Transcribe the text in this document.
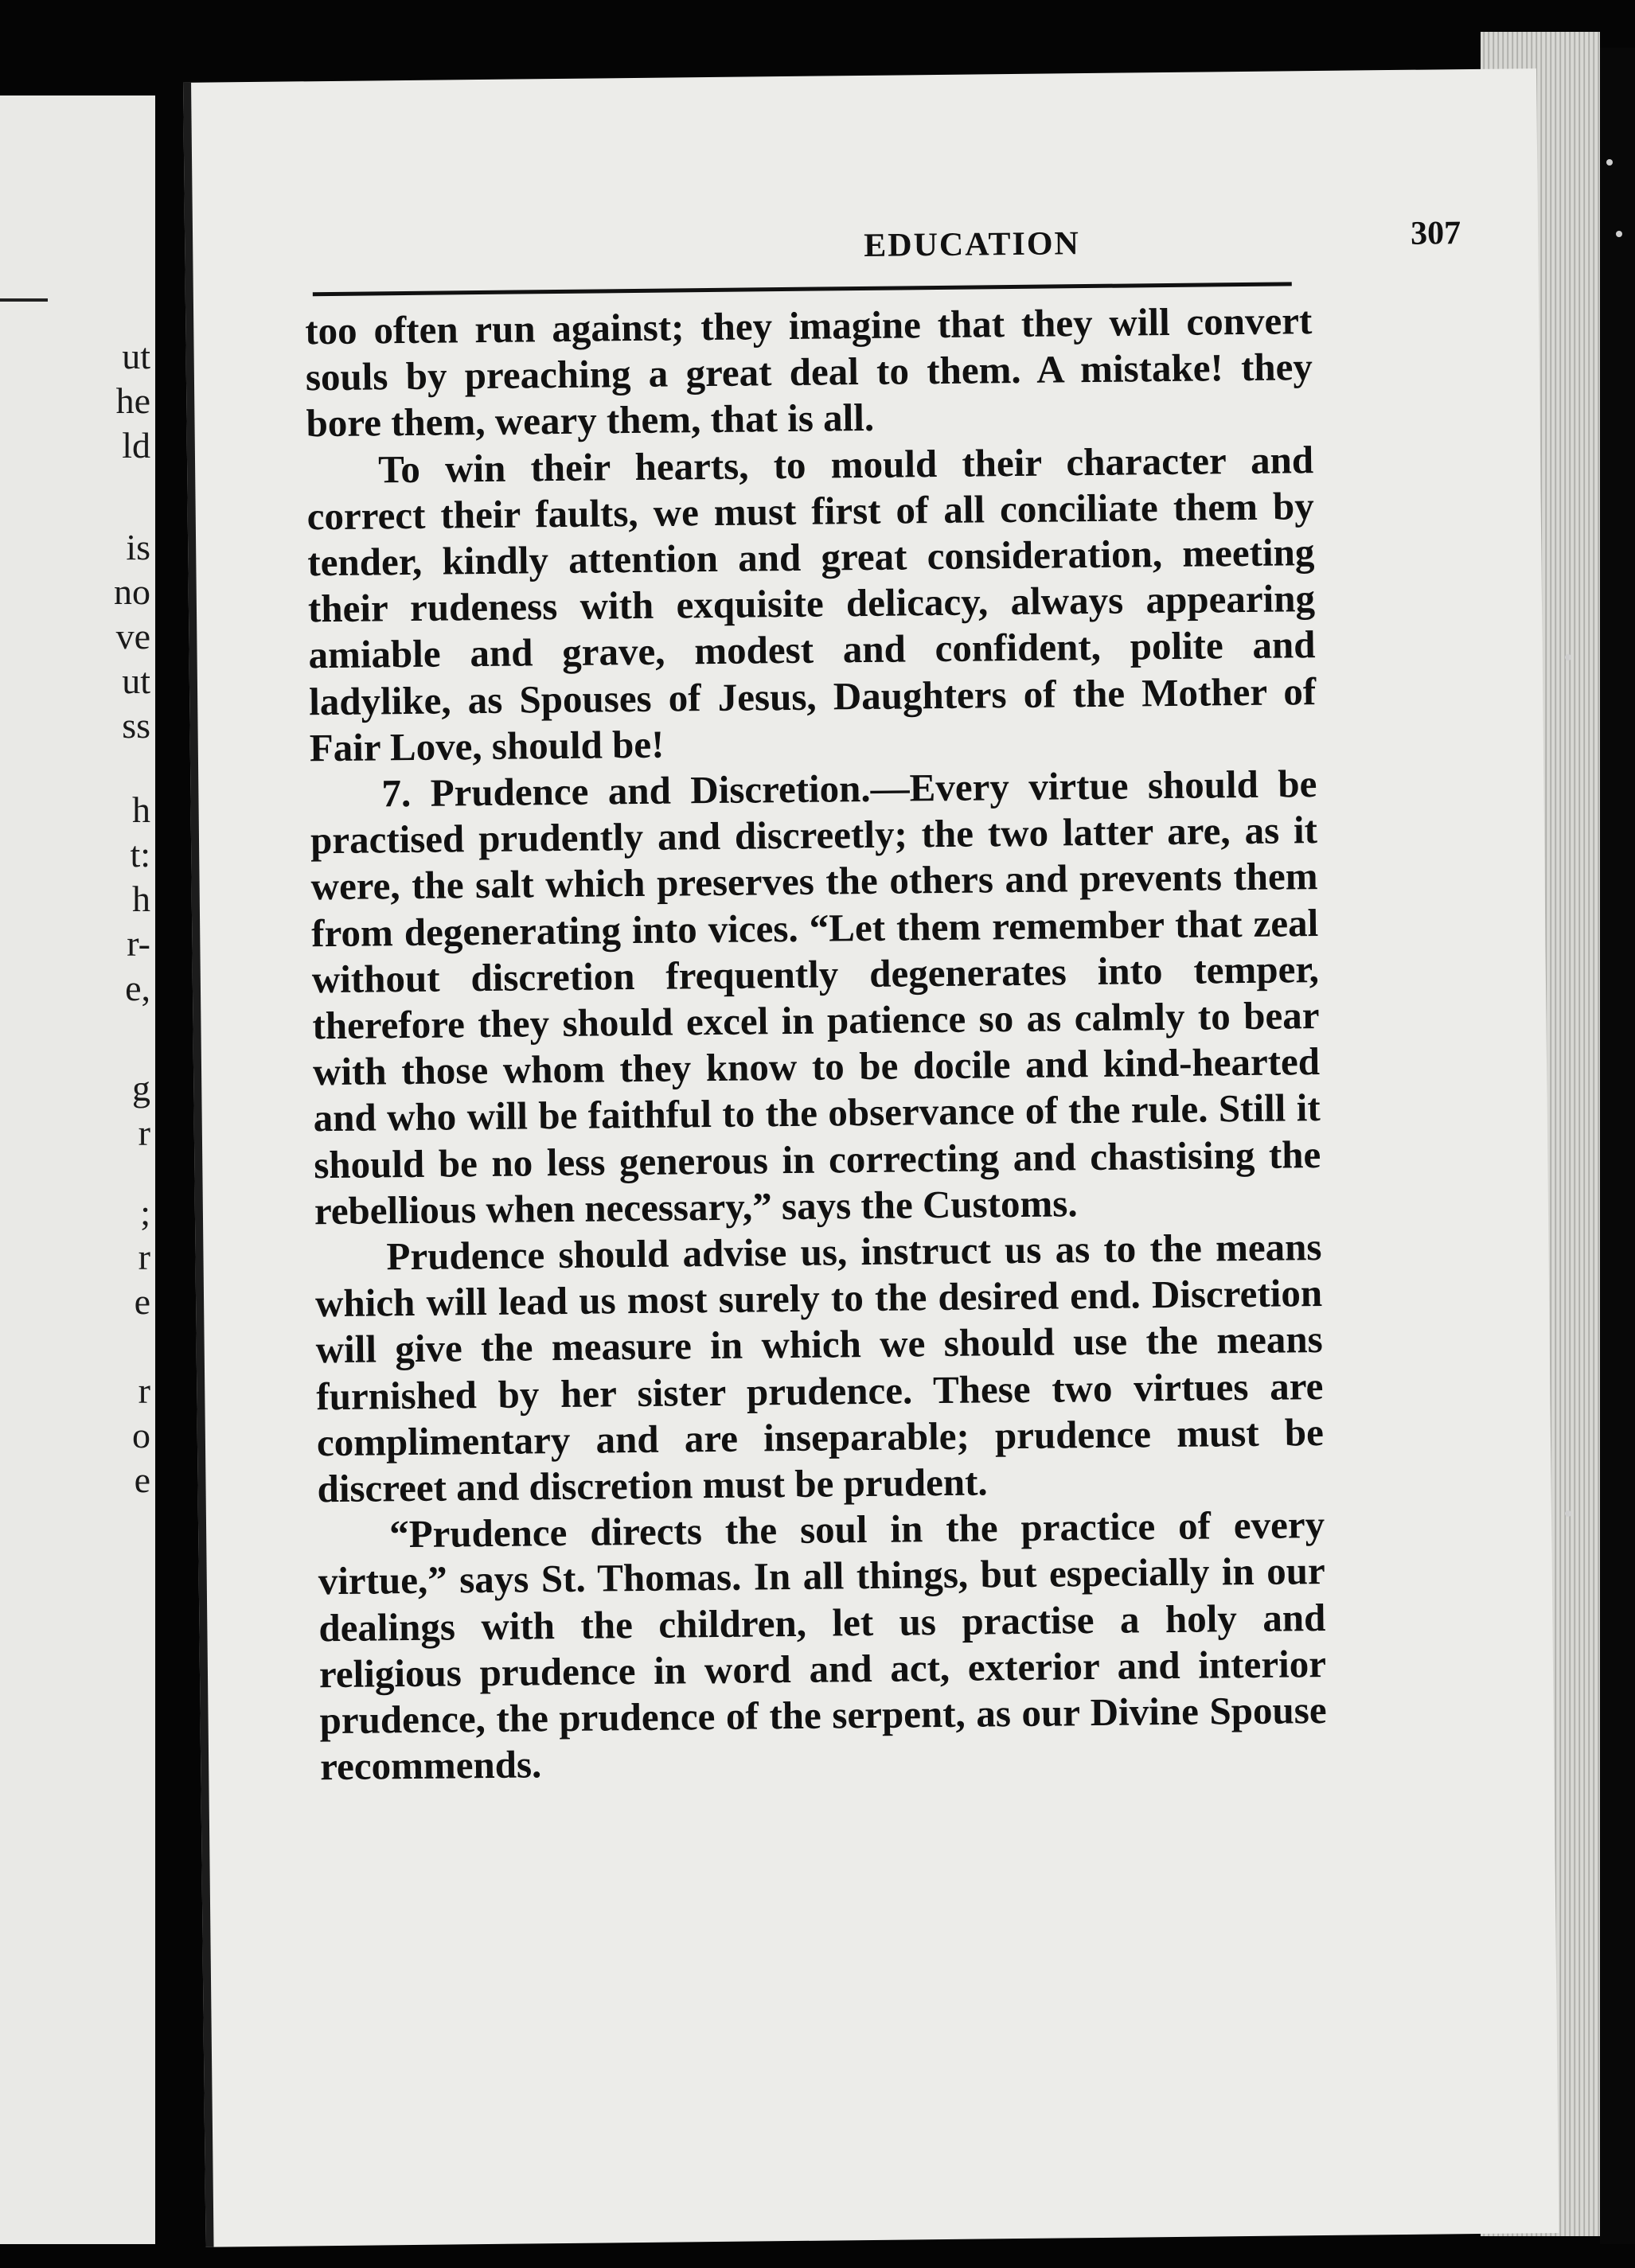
ut
he
ld
is
no
ve
ut
ss
h
t:
h
r-
e,
g
r
;
r
e
r
o
e
EDUCATION	307

too often run against; they imagine that they will convert souls by preaching a great deal to them. A mistake! they bore them, weary them, that is all.

To win their hearts, to mould their character and correct their faults, we must first of all conciliate them by tender, kindly attention and great consideration, meeting their rudeness with exquisite delicacy, always appearing amiable and grave, modest and confident, polite and ladylike, as Spouses of Jesus, Daughters of the Mother of Fair Love, should be!

7. Prudence and Discretion.—Every virtue should be practised prudently and discreetly; the two latter are, as it were, the salt which preserves the others and prevents them from degenerating into vices. “Let them remember that zeal without discretion frequently degenerates into temper, therefore they should excel in patience so as calmly to bear with those whom they know to be docile and kind-hearted and who will be faithful to the observance of the rule. Still it should be no less generous in correcting and chastising the rebellious when necessary,” says the Customs.

Prudence should advise us, instruct us as to the means which will lead us most surely to the desired end. Discretion will give the measure in which we should use the means furnished by her sister prudence. These two virtues are complimentary and are inseparable; prudence must be discreet and discretion must be prudent.

“Prudence directs the soul in the practice of every virtue,” says St. Thomas. In all things, but especially in our dealings with the children, let us practise a holy and religious prudence in word and act, exterior and interior prudence, the prudence of the serpent, as our Divine Spouse recommends.
